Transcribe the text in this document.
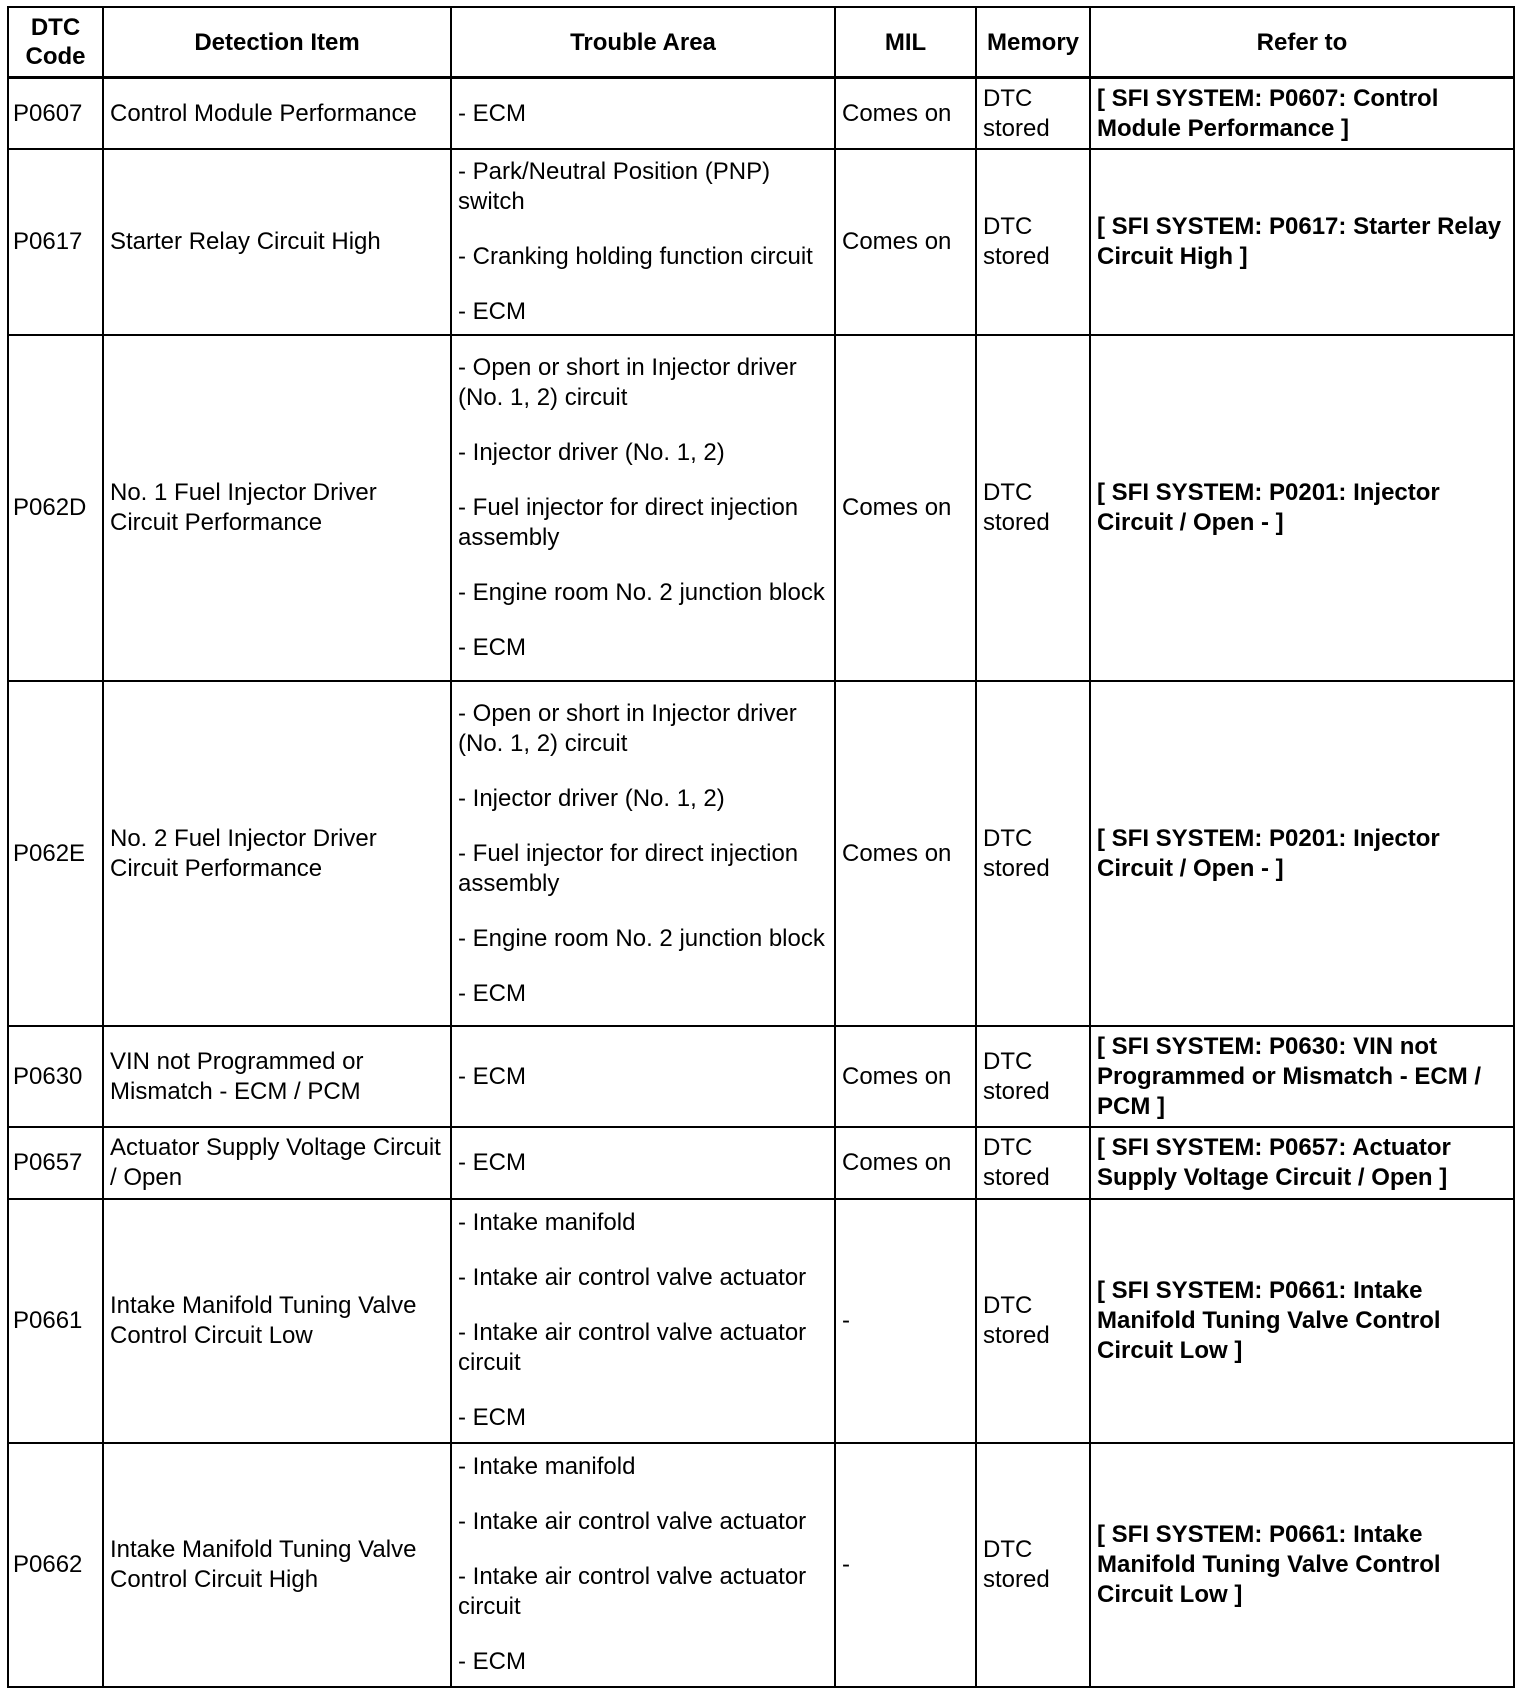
DTC Code	Detection Item	Trouble Area	MIL	Memory	Refer to
P0607	Control Module Performance	- ECM	Comes on	DTC stored	[ SFI SYSTEM: P0607: Control Module Performance ]
P0617	Starter Relay Circuit High	- Park/Neutral Position (PNP) switch
- Cranking holding function circuit
- ECM	Comes on	DTC stored	[ SFI SYSTEM: P0617: Starter Relay Circuit High ]
P062D	No. 1 Fuel Injector Driver Circuit Performance	- Open or short in Injector driver (No. 1, 2) circuit
- Injector driver (No. 1, 2)
- Fuel injector for direct injection assembly
- Engine room No. 2 junction block
- ECM	Comes on	DTC stored	[ SFI SYSTEM: P0201: Injector Circuit / Open - ]
P062E	No. 2 Fuel Injector Driver Circuit Performance	- Open or short in Injector driver (No. 1, 2) circuit
- Injector driver (No. 1, 2)
- Fuel injector for direct injection assembly
- Engine room No. 2 junction block
- ECM	Comes on	DTC stored	[ SFI SYSTEM: P0201: Injector Circuit / Open - ]
P0630	VIN not Programmed or Mismatch - ECM / PCM	- ECM	Comes on	DTC stored	[ SFI SYSTEM: P0630: VIN not Programmed or Mismatch - ECM / PCM ]
P0657	Actuator Supply Voltage Circuit / Open	- ECM	Comes on	DTC stored	[ SFI SYSTEM: P0657: Actuator Supply Voltage Circuit / Open ]
P0661	Intake Manifold Tuning Valve Control Circuit Low	- Intake manifold
- Intake air control valve actuator
- Intake air control valve actuator circuit
- ECM	-	DTC stored	[ SFI SYSTEM: P0661: Intake Manifold Tuning Valve Control Circuit Low ]
P0662	Intake Manifold Tuning Valve Control Circuit High	- Intake manifold
- Intake air control valve actuator
- Intake air control valve actuator circuit
- ECM	-	DTC stored	[ SFI SYSTEM: P0661: Intake Manifold Tuning Valve Control Circuit Low ]
